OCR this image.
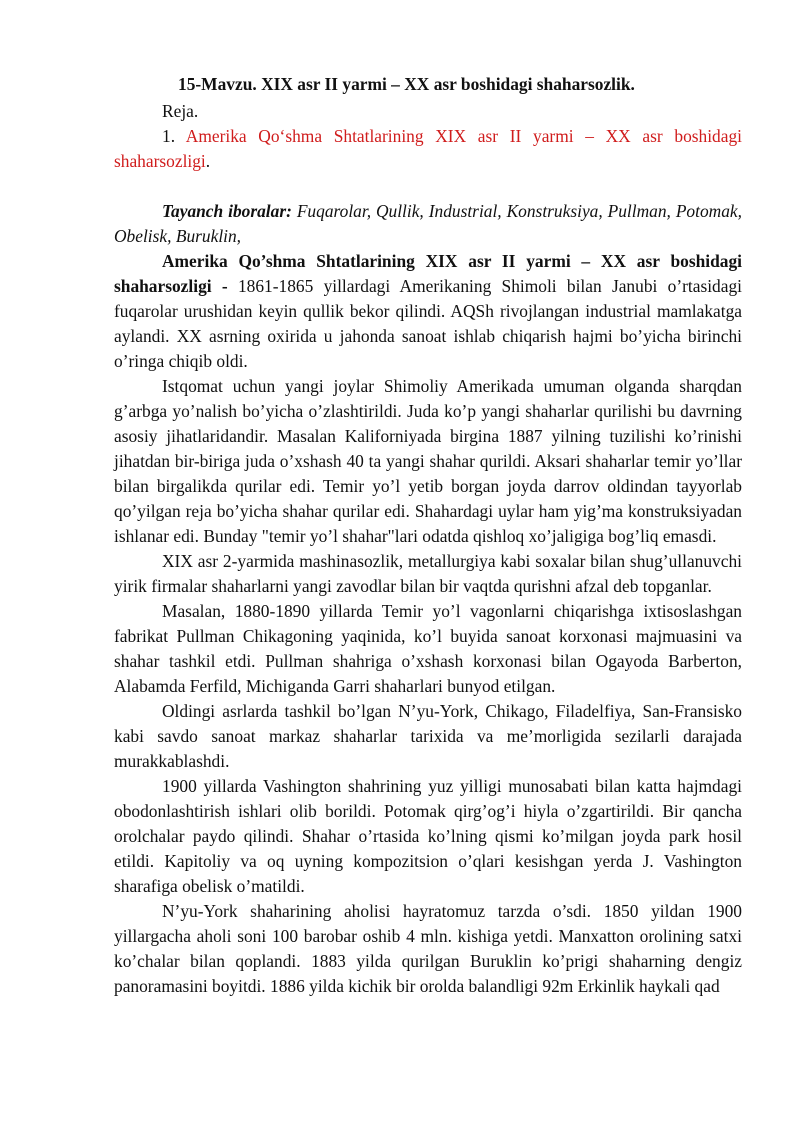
15-Mavzu. XIX asr II yarmi – XX asr boshidagi shaharsozlik.

Reja.

1. Amerika Qo‘shma Shtatlarining XIX asr II yarmi – XX asr boshidagi shaharsozligi.

Tayanch iboralar: Fuqarolar, Qullik, Industrial, Konstruksiya, Pullman, Potomak, Obelisk, Buruklin,

Amerika Qo’shma Shtatlarining XIX asr II yarmi – XX asr boshidagi shaharsozligi - 1861-1865 yillardagi Amerikaning Shimoli bilan Janubi o’rtasidagi fuqarolar urushidan keyin qullik bekor qilindi. AQSh rivojlangan industrial mamlakatga aylandi. XX asrning oxirida u jahonda sanoat ishlab chiqarish hajmi bo’yicha birinchi o’ringa chiqib oldi.

Istqomat uchun yangi joylar Shimoliy Amerikada umuman olganda sharqdan g’arbga yo’nalish bo’yicha o’zlashtirildi. Juda ko’p yangi shaharlar qurilishi bu davrning asosiy jihatlaridandir. Masalan Kaliforniyada birgina 1887 yilning tuzilishi ko’rinishi jihatdan bir-biriga juda o’xshash 40 ta yangi shahar qurildi. Aksari shaharlar temir yo’llar bilan birgalikda qurilar edi. Temir yo’l yetib borgan joyda darrov oldindan tayyorlab qo’yilgan reja bo’yicha shahar qurilar edi. Shahardagi uylar ham yig’ma konstruksiyadan ishlanar edi. Bunday "temir yo’l shahar"lari odatda qishloq xo’jaligiga bog’liq emasdi.

XIX asr 2-yarmida mashinasozlik, metallurgiya kabi soxalar bilan shug’ullanuvchi yirik firmalar shaharlarni yangi zavodlar bilan bir vaqtda qurishni afzal deb topganlar.

Masalan, 1880-1890 yillarda Temir yo’l vagonlarni chiqarishga ixtisoslashgan fabrikat Pullman Chikagoning yaqinida, ko’l buyida sanoat korxonasi majmuasini va shahar tashkil etdi. Pullman shahriga o’xshash korxonasi bilan Ogayoda Barberton, Alabamda Ferfild, Michiganda Garri shaharlari bunyod etilgan.

Oldingi asrlarda tashkil bo’lgan N’yu-York, Chikago, Filadelfiya, San-Fransisko kabi savdo sanoat markaz shaharlar tarixida va me’morligida sezilarli darajada murakkablashdi.

1900 yillarda Vashington shahrining yuz yilligi munosabati bilan katta hajmdagi obodonlashtirish ishlari olib borildi. Potomak qirg’og’i hiyla o’zgartirildi. Bir qancha orolchalar paydo qilindi. Shahar o’rtasida ko’lning qismi ko’milgan joyda park hosil etildi. Kapitoliy va oq uyning kompozitsion o’qlari kesishgan yerda J. Vashington sharafiga obelisk o’matildi.

N’yu-York shaharining aholisi hayratomuz tarzda o’sdi. 1850 yildan 1900 yillargacha aholi soni 100 barobar oshib 4 mln. kishiga yetdi. Manxatton orolining satxi ko’chalar bilan qoplandi. 1883 yilda qurilgan Buruklin ko’prigi shaharning dengiz panoramasini boyitdi. 1886 yilda kichik bir orolda balandligi 92m Erkinlik haykali qad
